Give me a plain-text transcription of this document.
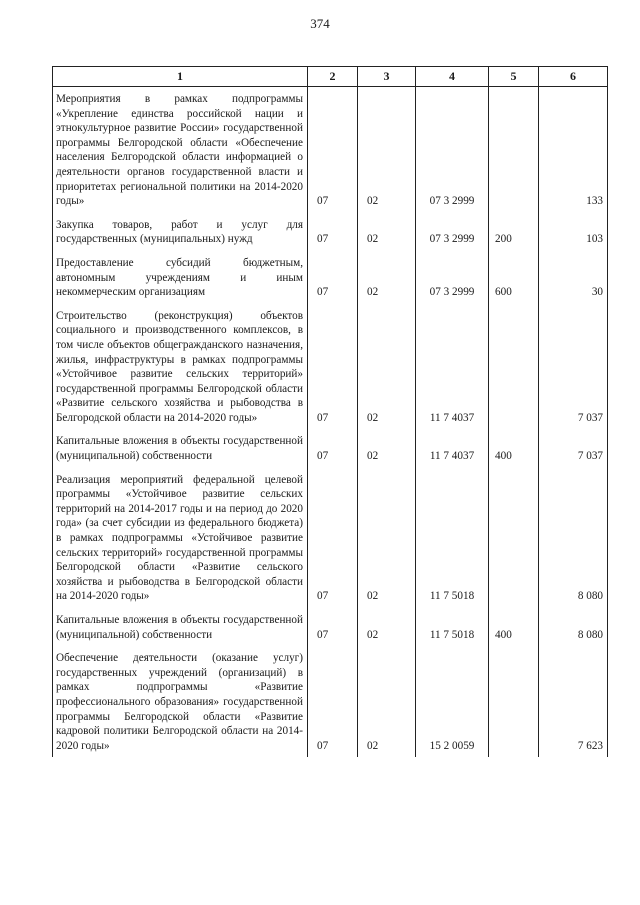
374
1	2	3	4	5	6
Мероприятия в рамках подпрограммы «Укрепление единства российской нации и этнокультурное развитие России» государственной программы Белгородской области «Обеспечение населения Белгородской области информацией о деятельности органов государственной власти и приоритетах региональной политики на 2014-2020 годы»	07	02	07 3 2999		133
Закупка товаров, работ и услуг для государственных (муниципальных) нужд	07	02	07 3 2999	200	103
Предоставление субсидий бюджетным, автономным учреждениям и иным некоммерческим организациям	07	02	07 3 2999	600	30
Строительство (реконструкция) объектов социального и производственного комплексов, в том числе объектов общегражданского назначения, жилья, инфраструктуры в рамках подпрограммы «Устойчивое развитие сельских территорий» государственной программы Белгородской области «Развитие сельского хозяйства и рыбоводства в Белгородской области на 2014-2020 годы»	07	02	11 7 4037		7 037
Капитальные вложения в объекты государственной (муниципальной) собственности	07	02	11 7 4037	400	7 037
Реализация мероприятий федеральной целевой программы «Устойчивое развитие сельских территорий на 2014-2017 годы и на период до 2020 года» (за счет субсидии из федерального бюджета) в рамках подпрограммы «Устойчивое развитие сельских территорий» государственной программы Белгородской области «Развитие сельского хозяйства и рыбоводства в Белгородской области на 2014-2020 годы»	07	02	11 7 5018		8 080
Капитальные вложения в объекты государственной (муниципальной) собственности	07	02	11 7 5018	400	8 080
Обеспечение деятельности (оказание услуг) государственных учреждений (организаций) в рамках подпрограммы «Развитие профессионального образования» государственной программы Белгородской области «Развитие кадровой политики Белгородской области на 2014-2020 годы»	07	02	15 2 0059		7 623
